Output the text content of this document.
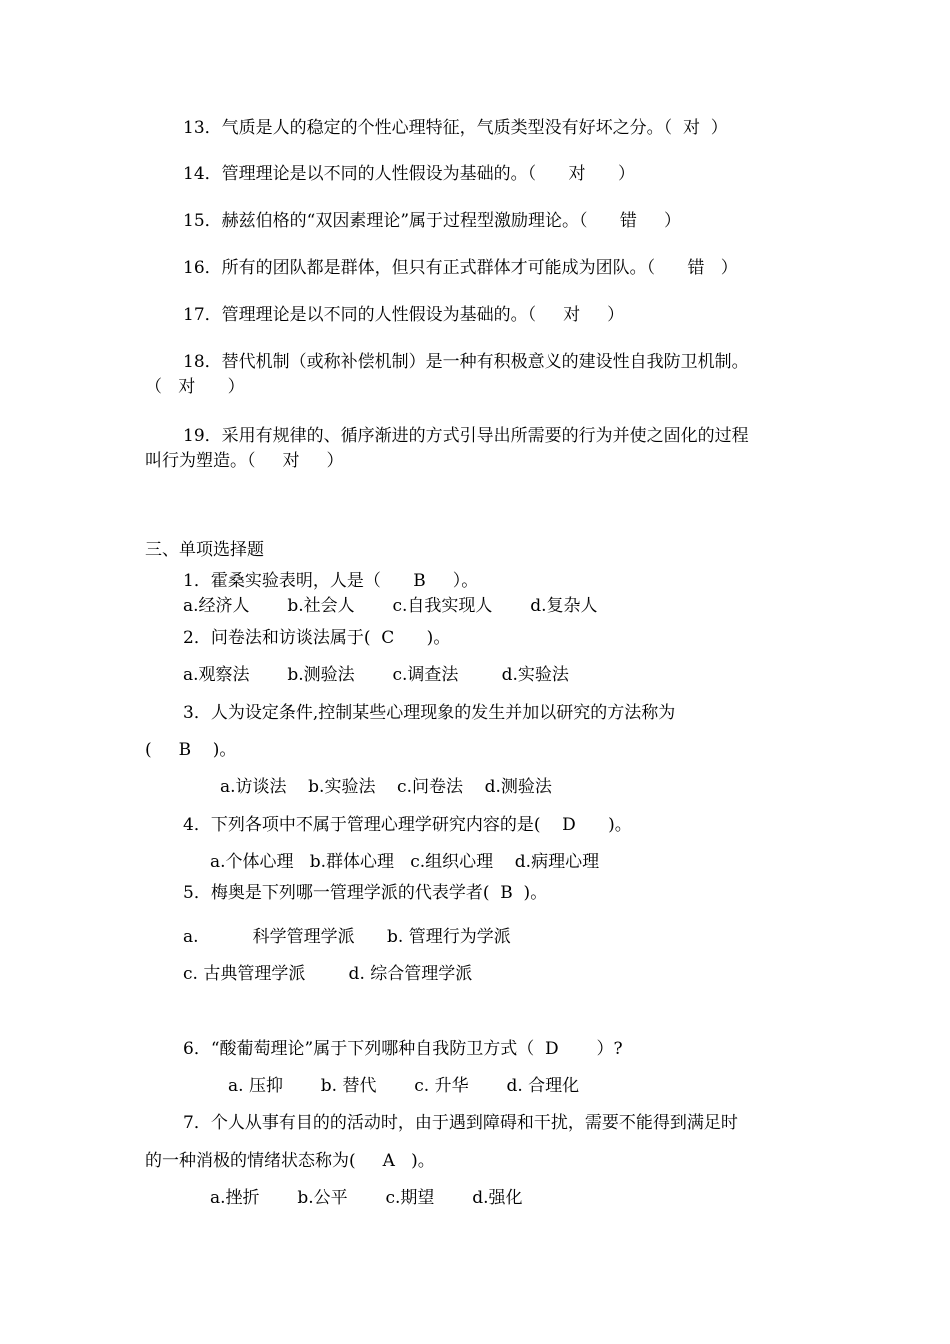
13．气质是人的稳定的个性心理特征，气质类型没有好坏之分。（  对  ）
14．管理理论是以不同的人性假设为基础的。（      对      ）
15．赫兹伯格的“双因素理论”属于过程型激励理论。（      错     ）
16．所有的团队都是群体，但只有正式群体才可能成为团队。（      错   ）
17．管理理论是以不同的人性假设为基础的。（     对     ）
18．替代机制（或称补偿机制）是一种有积极意义的建设性自我防卫机制。
（   对      ）
19．采用有规律的、循序渐进的方式引导出所需要的行为并使之固化的过程
叫行为塑造。（     对     ）
三、单项选择题
1．霍桑实验表明，人是（      B     ）。
a.经济人       b.社会人       c.自我实现人       d.复杂人
2．问卷法和访谈法属于(  C      )。
a.观察法       b.测验法       c.调查法        d.实验法
3．人为设定条件,控制某些心理现象的发生并加以研究的方法称为
(     B    )。
a.访谈法    b.实验法    c.问卷法    d.测验法
4．下列各项中不属于管理心理学研究内容的是(    D      )。
a.个体心理   b.群体心理   c.组织心理    d.病理心理
5．梅奥是下列哪一管理学派的代表学者(  B  )。
a.          科学管理学派      b. 管理行为学派
c. 古典管理学派        d. 综合管理学派
6．“酸葡萄理论”属于下列哪种自我防卫方式（  D       ）?
a. 压抑       b. 替代       c. 升华       d. 合理化
7．个人从事有目的的活动时，由于遇到障碍和干扰，需要不能得到满足时
的一种消极的情绪状态称为(     A   )。
a.挫折       b.公平       c.期望       d.强化
